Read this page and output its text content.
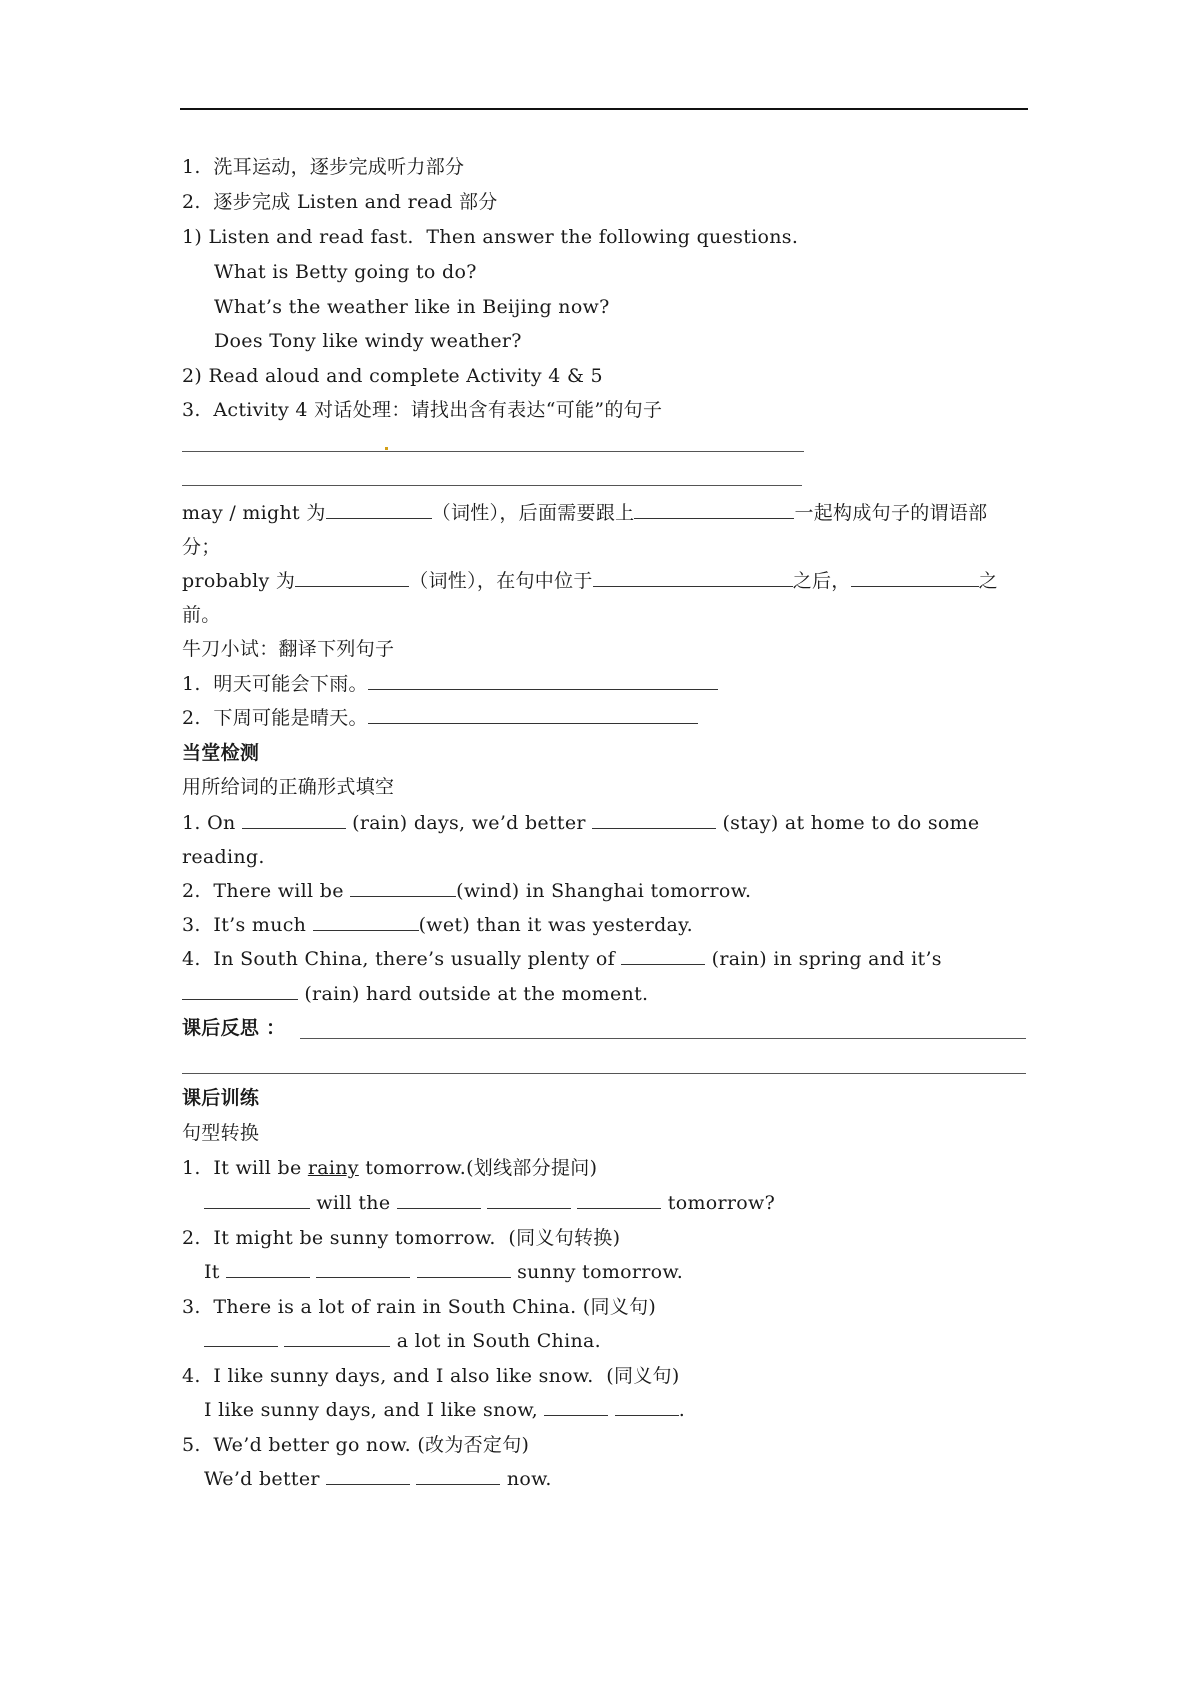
1.  洗耳运动，逐步完成听力部分
2.  逐步完成 Listen and read 部分
1) Listen and read fast.  Then answer the following questions.
What is Betty going to do?
What’s the weather like in Beijing now?
Does Tony like windy weather?
2) Read aloud and complete Activity 4 & 5
3.  Activity 4 对话处理：请找出含有表达“可能”的句子
may / might 为	（词性），后面需要跟上	一起构成句子的谓语部
分；
probably 为	（词性），在句中位于	之后，	之
前。
牛刀小试：翻译下列句子
1.  明天可能会下雨。
2.  下周可能是晴天。
当堂检测
用所给词的正确形式填空
1. On	(rain) days, we’d better	(stay) at home to do some
reading.
2.  There will be	(wind) in Shanghai tomorrow.
3.  It’s much	(wet) than it was yesterday.
4.  In South China, there’s usually plenty of	(rain) in spring and it’s
(rain) hard outside at the moment.
课后反思 ：
课后训练
句型转换
1.  It will be rainy tomorrow.(划线部分提问)
will the	tomorrow?
2.  It might be sunny tomorrow.  (同义句转换)
It	sunny tomorrow.
3.  There is a lot of rain in South China. (同义句)
a lot in South China.
4.  I like sunny days, and I also like snow.  (同义句)
I like sunny days, and I like snow,	.
5.  We’d better go now. (改为否定句)
We’d better	now.
